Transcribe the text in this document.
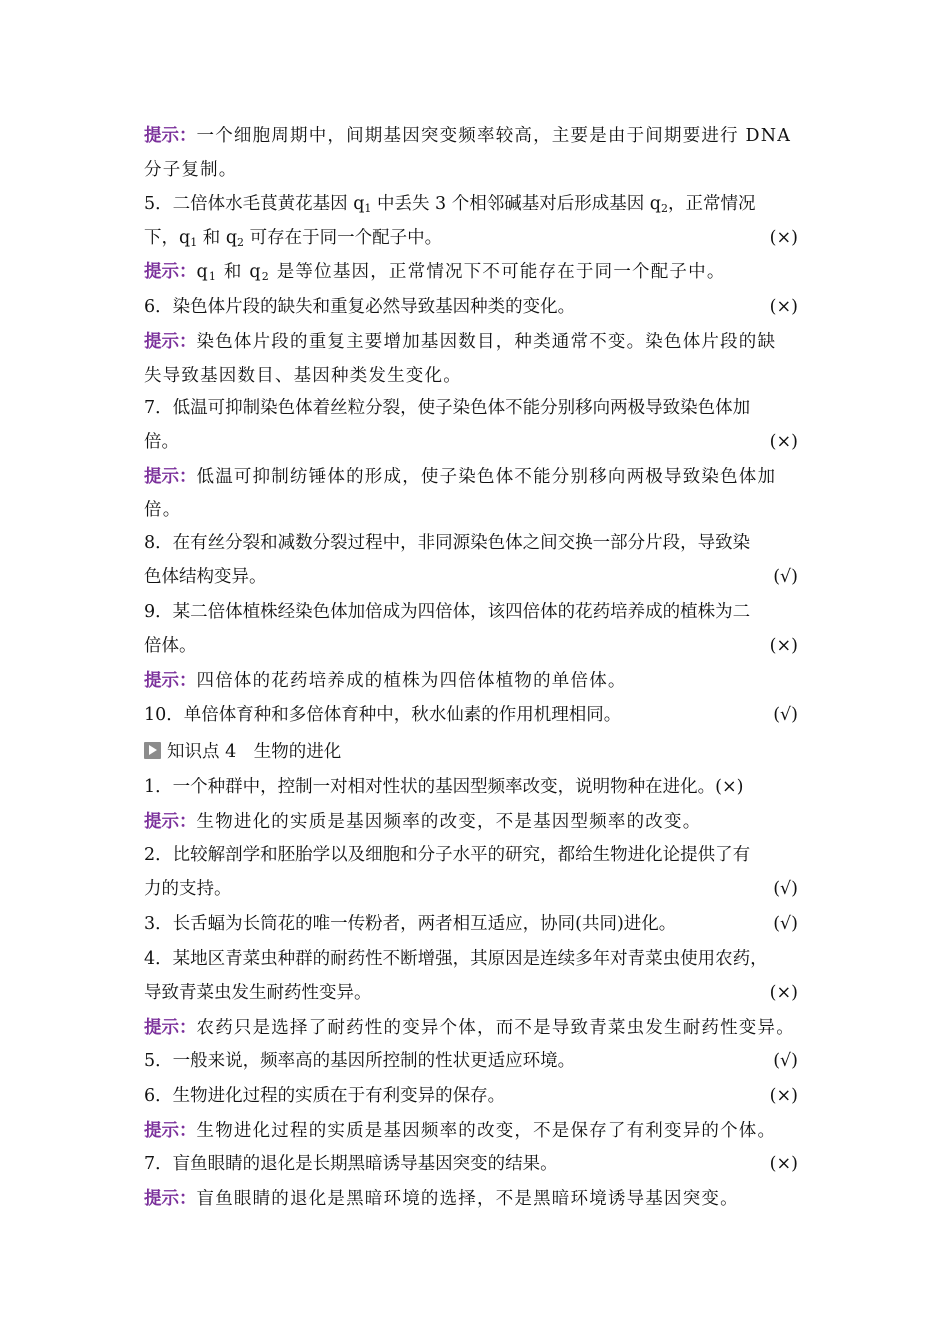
提示：一个细胞周期中，间期基因突变频率较高，主要是由于间期要进行 DNA
分子复制。
5．二倍体水毛茛黄花基因 $q_1$ 中丢失 3 个相邻碱基对后形成基因 $q_2$，正常情况
下，$q_1$ 和 $q_2$ 可存在于同一个配子中。	(×)
提示：$q_1$ 和 $q_2$ 是等位基因，正常情况下不可能存在于同一个配子中。
6．染色体片段的缺失和重复必然导致基因种类的变化。	(×)
提示：染色体片段的重复主要增加基因数目，种类通常不变。染色体片段的缺
失导致基因数目、基因种类发生变化。
7．低温可抑制染色体着丝粒分裂，使子染色体不能分别移向两极导致染色体加
倍。	(×)
提示：低温可抑制纺锤体的形成，使子染色体不能分别移向两极导致染色体加
倍。
8．在有丝分裂和减数分裂过程中，非同源染色体之间交换一部分片段，导致染
色体结构变异。	(√)
9．某二倍体植株经染色体加倍成为四倍体，该四倍体的花药培养成的植株为二
倍体。	(×)
提示：四倍体的花药培养成的植株为四倍体植物的单倍体。
10．单倍体育种和多倍体育种中，秋水仙素的作用机理相同。	(√)
知识点 4　生物的进化
1．一个种群中，控制一对相对性状的基因型频率改变，说明物种在进化。(×)
提示：生物进化的实质是基因频率的改变，不是基因型频率的改变。
2．比较解剖学和胚胎学以及细胞和分子水平的研究，都给生物进化论提供了有
力的支持。	(√)
3．长舌蝠为长筒花的唯一传粉者，两者相互适应，协同(共同)进化。	(√)
4．某地区青菜虫种群的耐药性不断增强，其原因是连续多年对青菜虫使用农药，
导致青菜虫发生耐药性变异。	(×)
提示：农药只是选择了耐药性的变异个体，而不是导致青菜虫发生耐药性变异。
5．一般来说，频率高的基因所控制的性状更适应环境。	(√)
6．生物进化过程的实质在于有利变异的保存。	(×)
提示：生物进化过程的实质是基因频率的改变，不是保存了有利变异的个体。
7．盲鱼眼睛的退化是长期黑暗诱导基因突变的结果。	(×)
提示：盲鱼眼睛的退化是黑暗环境的选择，不是黑暗环境诱导基因突变。
